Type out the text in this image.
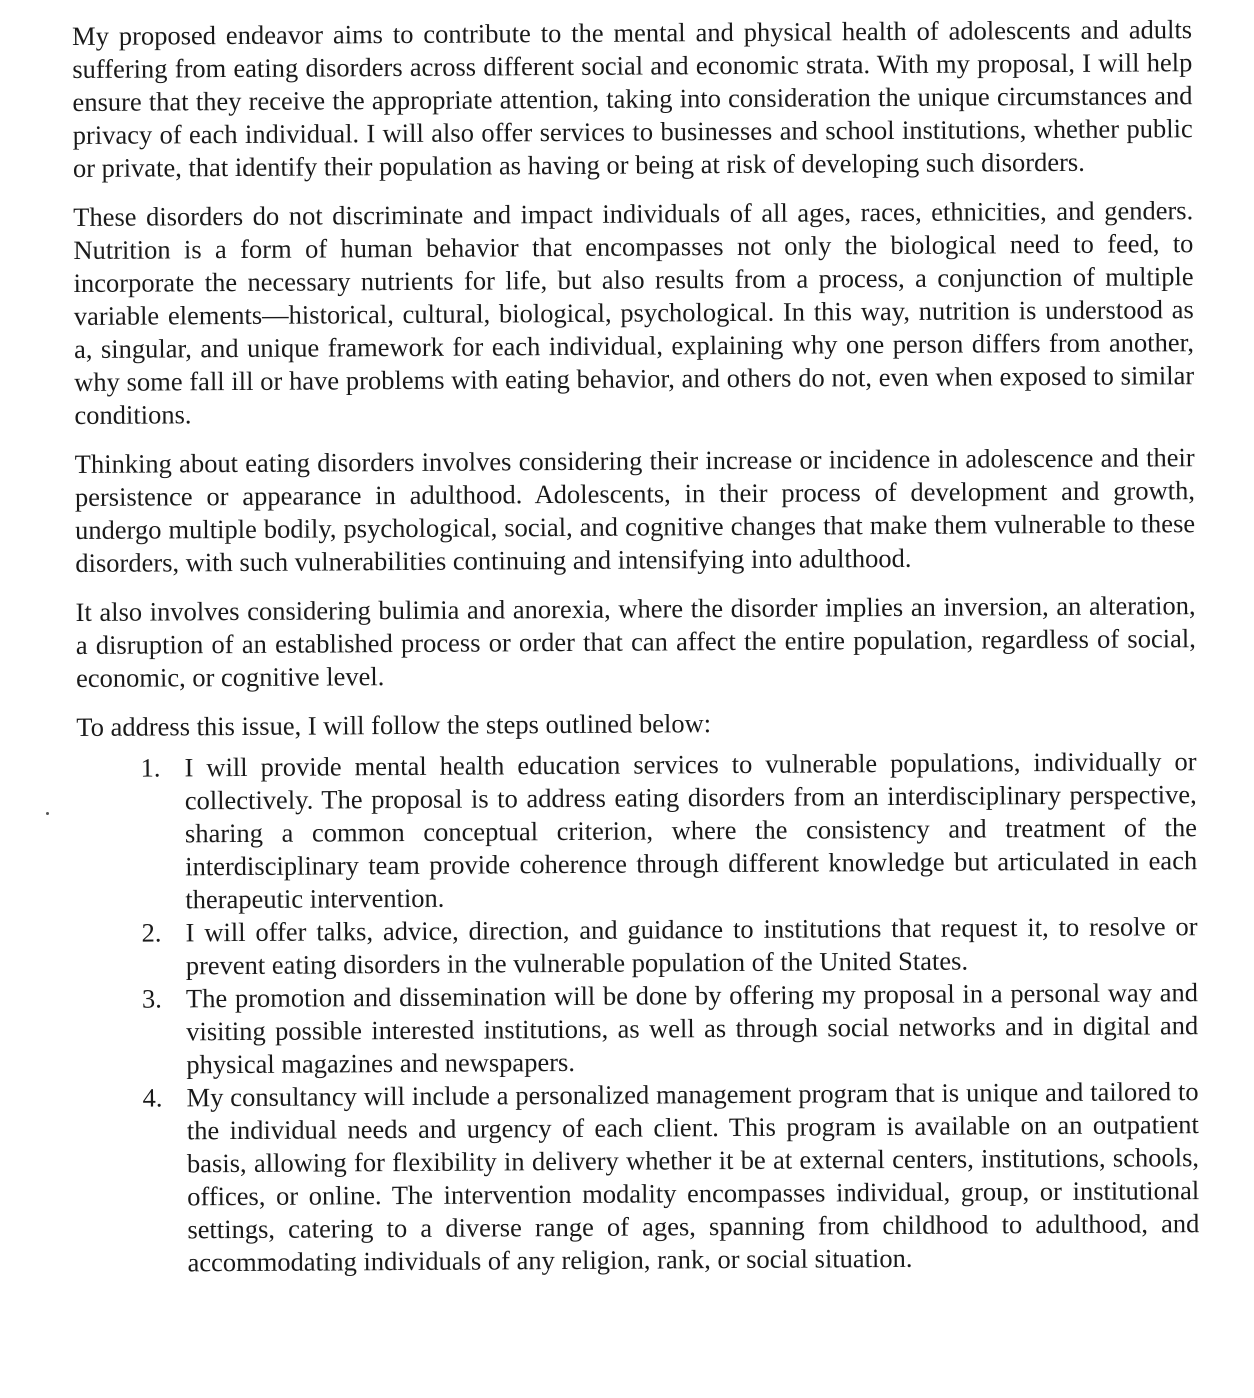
My proposed endeavor aims to contribute to the mental and physical health of adolescents and adults suffering from eating disorders across different social and economic strata. With my proposal, I will help ensure that they receive the appropriate attention, taking into consideration the unique circumstances and privacy of each individual. I will also offer services to businesses and school institutions, whether public or private, that identify their population as having or being at risk of developing such disorders.

These disorders do not discriminate and impact individuals of all ages, races, ethnicities, and genders. Nutrition is a form of human behavior that encompasses not only the biological need to feed, to incorporate the necessary nutrients for life, but also results from a process, a conjunction of multiple variable elements—historical, cultural, biological, psychological. In this way, nutrition is understood as a, singular, and unique framework for each individual, explaining why one person differs from another, why some fall ill or have problems with eating behavior, and others do not, even when exposed to similar conditions.

Thinking about eating disorders involves considering their increase or incidence in adolescence and their persistence or appearance in adulthood. Adolescents, in their process of development and growth, undergo multiple bodily, psychological, social, and cognitive changes that make them vulnerable to these disorders, with such vulnerabilities continuing and intensifying into adulthood.

It also involves considering bulimia and anorexia, where the disorder implies an inversion, an alteration, a disruption of an established process or order that can affect the entire population, regardless of social, economic, or cognitive level.

To address this issue, I will follow the steps outlined below:

1. I will provide mental health education services to vulnerable populations, individually or collectively. The proposal is to address eating disorders from an interdisciplinary perspective, sharing a common conceptual criterion, where the consistency and treatment of the interdisciplinary team provide coherence through different knowledge but articulated in each therapeutic intervention.
2. I will offer talks, advice, direction, and guidance to institutions that request it, to resolve or prevent eating disorders in the vulnerable population of the United States.
3. The promotion and dissemination will be done by offering my proposal in a personal way and visiting possible interested institutions, as well as through social networks and in digital and physical magazines and newspapers.
4. My consultancy will include a personalized management program that is unique and tailored to the individual needs and urgency of each client. This program is available on an outpatient basis, allowing for flexibility in delivery whether it be at external centers, institutions, schools, offices, or online. The intervention modality encompasses individual, group, or institutional settings, catering to a diverse range of ages, spanning from childhood to adulthood, and accommodating individuals of any religion, rank, or social situation.
